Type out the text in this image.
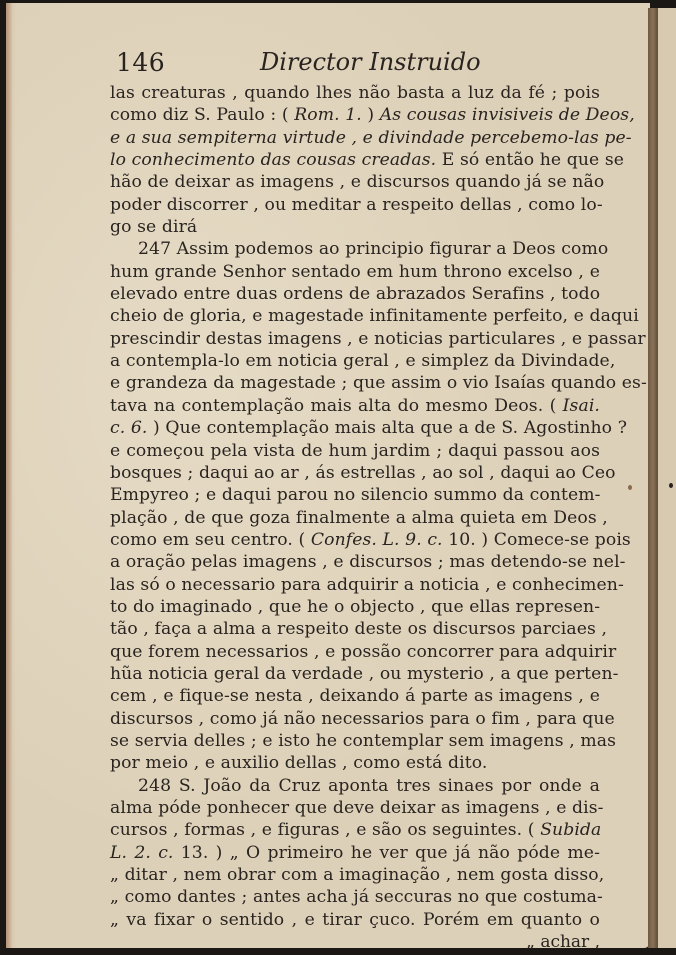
146	Director Instruido
las creaturas , quando lhes não basta a luz da fé ; pois
como diz S. Paulo : ( Rom. 1. ) As cousas invisiveis de Deos,
e a sua sempiterna virtude , e divindade percebemo-las pe-
lo conhecimento das cousas creadas. E só então he que se
hão de deixar as imagens , e discursos quando já se não
poder discorrer , ou meditar a respeito dellas , como lo-
go se dirá
247 Assim podemos ao principio figurar a Deos como
hum grande Senhor sentado em hum throno excelso , e
elevado entre duas ordens de abrazados Serafins , todo
cheio de gloria, e magestade infinitamente perfeito, e daqui
prescindir destas imagens , e noticias particulares , e passar
a contempla-lo em noticia geral , e simplez da Divindade,
e grandeza da magestade ; que assim o vio Isaías quando es-
tava na contemplação mais alta do mesmo Deos. ( Isai.
c. 6. ) Que contemplação mais alta que a de S. Agostinho ?
e começou pela vista de hum jardim ; daqui passou aos
bosques ; daqui ao ar , ás estrellas , ao sol , daqui ao Ceo
Empyreo ; e daqui parou no silencio summo da contem-
plação , de que goza finalmente a alma quieta em Deos ,
como em seu centro. ( Confes. L. 9. c. 10. ) Comece-se pois
a oração pelas imagens , e discursos ; mas detendo-se nel-
las só o necessario para adquirir a noticia , e conhecimen-
to do imaginado , que he o objecto , que ellas represen-
tão , faça a alma a respeito deste os discursos parciaes ,
que forem necessarios , e possão concorrer para adquirir
hũa noticia geral da verdade , ou mysterio , a que perten-
cem , e fique-se nesta , deixando á parte as imagens , e
discursos , como já não necessarios para o fim , para que
se servia delles ; e isto he contemplar sem imagens , mas
por meio , e auxilio dellas , como está dito.
248 S. João da Cruz aponta tres sinaes por onde a
alma póde ponhecer que deve deixar as imagens , e dis-
cursos , formas , e figuras , e são os seguintes. ( Subida
L. 2. c. 13. ) „ O primeiro he ver que já não póde me-
„ ditar , nem obrar com a imaginação , nem gosta disso,
„ como dantes ; antes acha já seccuras no que costuma-
„ va fixar o sentido , e tirar çuco. Porém em quanto o
„ achar ,
